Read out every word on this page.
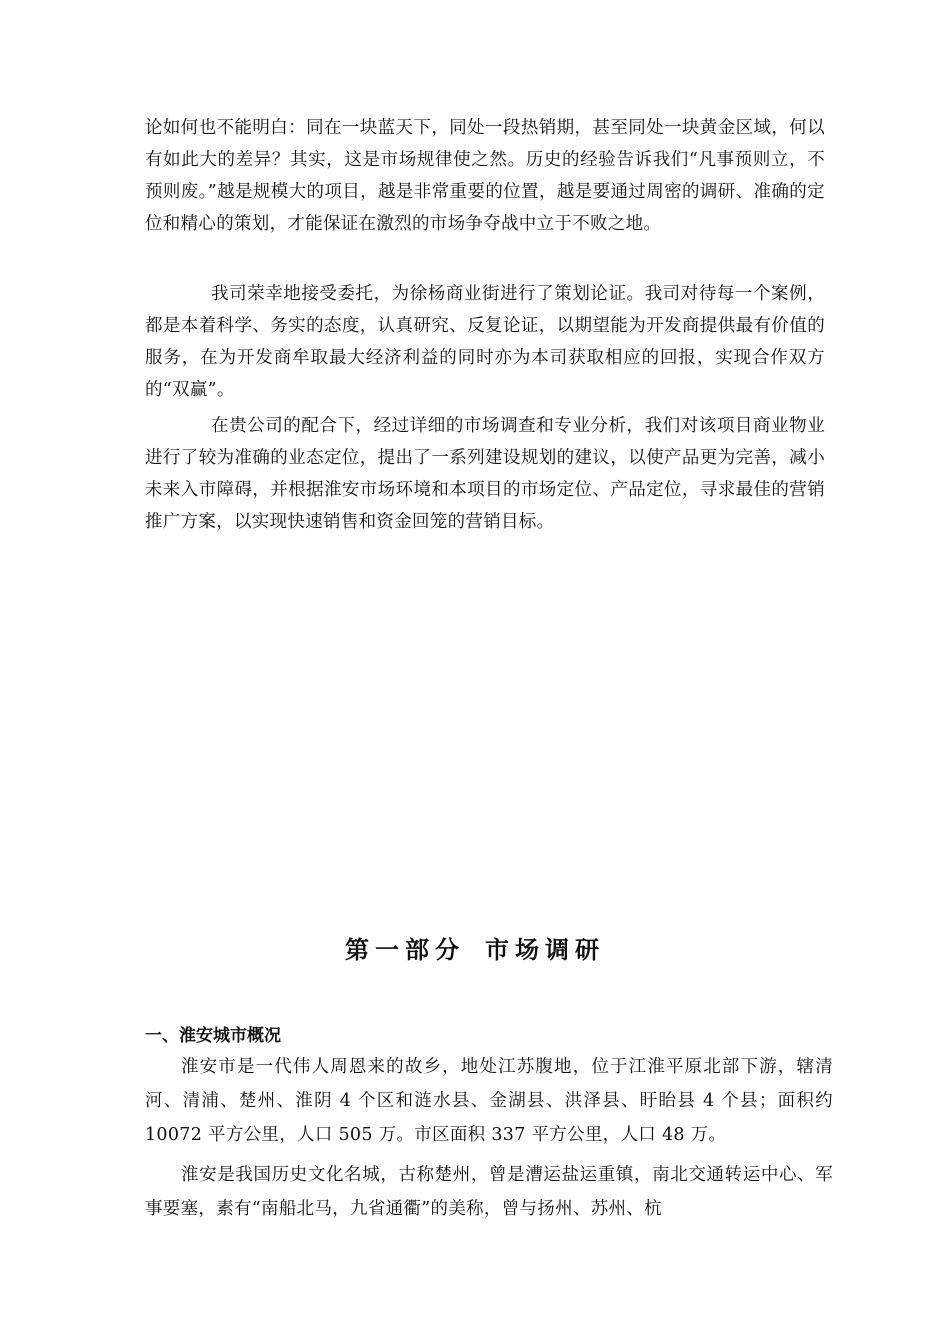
论如何也不能明白：同在一块蓝天下，同处一段热销期，甚至同处一块黄金区域，何以有如此大的差异？其实，这是市场规律使之然。历史的经验告诉我们“凡事预则立，不预则废。”越是规模大的项目，越是非常重要的位置，越是要通过周密的调研、准确的定位和精心的策划，才能保证在激烈的市场争夺战中立于不败之地。

我司荣幸地接受委托，为徐杨商业街进行了策划论证。我司对待每一个案例，都是本着科学、务实的态度，认真研究、反复论证，以期望能为开发商提供最有价值的服务，在为开发商牟取最大经济利益的同时亦为本司获取相应的回报，实现合作双方的“双赢”。

在贵公司的配合下，经过详细的市场调查和专业分析，我们对该项目商业物业进行了较为准确的业态定位，提出了一系列建设规划的建议，以使产品更为完善，减小未来入市障碍，并根据淮安市场环境和本项目的市场定位、产品定位，寻求最佳的营销推广方案，以实现快速销售和资金回笼的营销目标。

第一部分 市场调研
一、淮安城市概况

淮安市是一代伟人周恩来的故乡，地处江苏腹地，位于江淮平原北部下游，辖清河、清浦、楚州、淮阴 4 个区和涟水县、金湖县、洪泽县、盱眙县 4 个县；面积约 10072 平方公里，人口 505 万。市区面积 337 平方公里，人口 48 万。

淮安是我国历史文化名城，古称楚州，曾是漕运盐运重镇，南北交通转运中心、军事要塞，素有“南船北马，九省通衢”的美称，曾与扬州、苏州、杭
